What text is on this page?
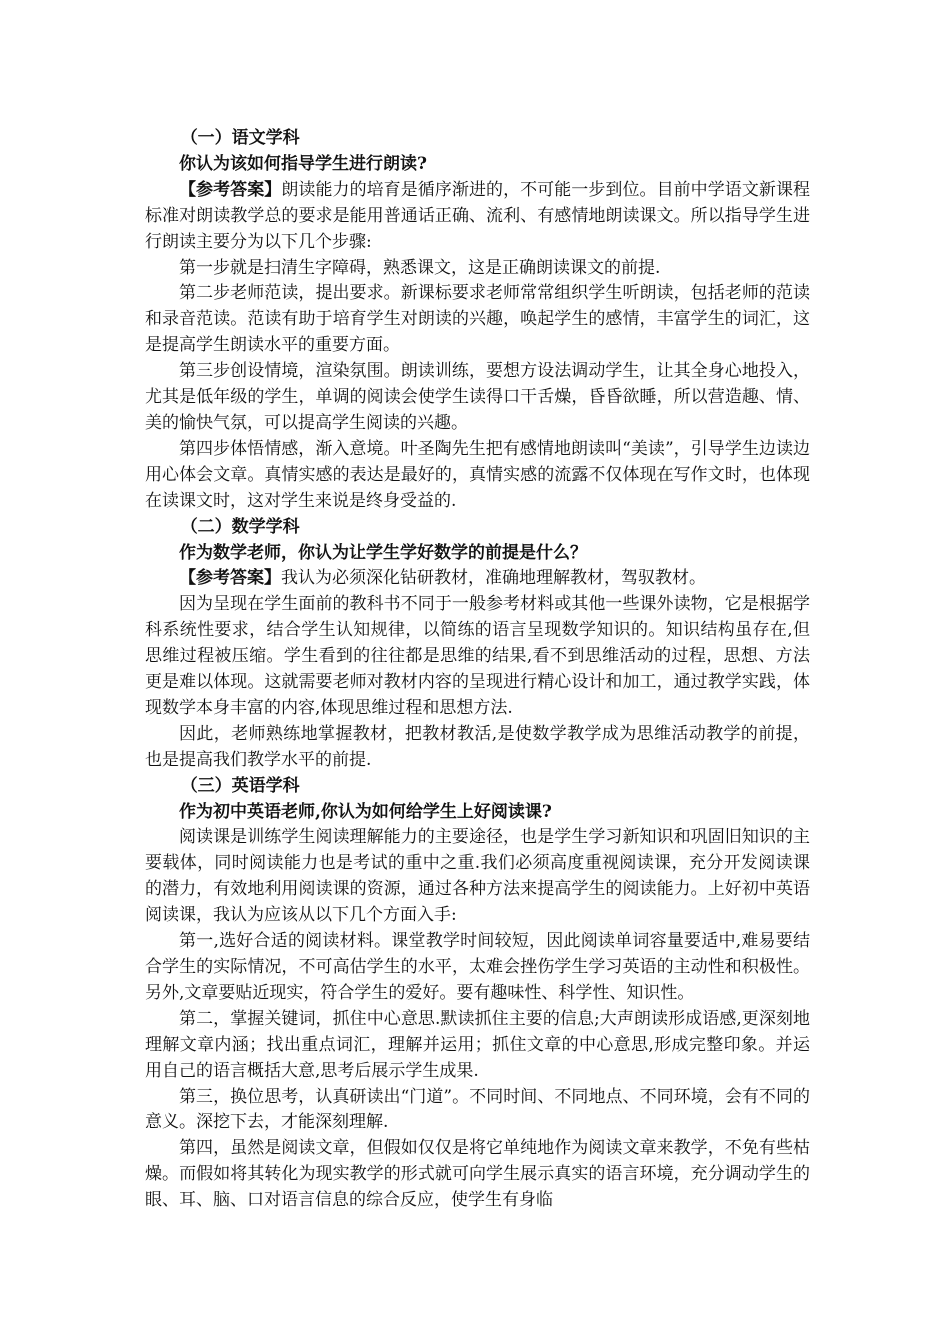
（一）语文学科

你认为该如何指导学生进行朗读?

【参考答案】朗读能力的培育是循序渐进的，不可能一步到位。目前中学语文新课程标准对朗读教学总的要求是能用普通话正确、流利、有感情地朗读课文。所以指导学生进行朗读主要分为以下几个步骤:

第一步就是扫清生字障碍，熟悉课文，这是正确朗读课文的前提.

第二步老师范读，提出要求。新课标要求老师常常组织学生听朗读，包括老师的范读和录音范读。范读有助于培育学生对朗读的兴趣，唤起学生的感情，丰富学生的词汇，这是提高学生朗读水平的重要方面。

第三步创设情境，渲染氛围。朗读训练，要想方设法调动学生，让其全身心地投入，尤其是低年级的学生，单调的阅读会使学生读得口干舌燥，昏昏欲睡，所以营造趣、情、美的愉快气氛，可以提高学生阅读的兴趣。

第四步体悟情感，渐入意境。叶圣陶先生把有感情地朗读叫“美读”，引导学生边读边用心体会文章。真情实感的表达是最好的，真情实感的流露不仅体现在写作文时，也体现在读课文时，这对学生来说是终身受益的.

（二）数学学科

作为数学老师，你认为让学生学好数学的前提是什么？

【参考答案】我认为必须深化钻研教材，准确地理解教材，驾驭教材。

因为呈现在学生面前的教科书不同于一般参考材料或其他一些课外读物，它是根据学科系统性要求，结合学生认知规律，以简练的语言呈现数学知识的。知识结构虽存在,但思维过程被压缩。学生看到的往往都是思维的结果,看不到思维活动的过程，思想、方法更是难以体现。这就需要老师对教材内容的呈现进行精心设计和加工，通过教学实践，体现数学本身丰富的内容,体现思维过程和思想方法.

因此，老师熟练地掌握教材，把教材教活,是使数学教学成为思维活动教学的前提，也是提高我们教学水平的前提.

（三）英语学科

作为初中英语老师,你认为如何给学生上好阅读课?

阅读课是训练学生阅读理解能力的主要途径，也是学生学习新知识和巩固旧知识的主要载体，同时阅读能力也是考试的重中之重.我们必须高度重视阅读课，充分开发阅读课的潜力，有效地利用阅读课的资源，通过各种方法来提高学生的阅读能力。上好初中英语阅读课，我认为应该从以下几个方面入手:

第一,选好合适的阅读材料。课堂教学时间较短，因此阅读单词容量要适中,难易要结合学生的实际情况，不可高估学生的水平，太难会挫伤学生学习英语的主动性和积极性。另外,文章要贴近现实，符合学生的爱好。要有趣味性、科学性、知识性。

第二，掌握关键词，抓住中心意思.默读抓住主要的信息;大声朗读形成语感,更深刻地理解文章内涵；找出重点词汇，理解并运用；抓住文章的中心意思,形成完整印象。并运用自己的语言概括大意,思考后展示学生成果.

第三，换位思考，认真研读出“门道”。不同时间、不同地点、不同环境，会有不同的意义。深挖下去，才能深刻理解.

第四，虽然是阅读文章，但假如仅仅是将它单纯地作为阅读文章来教学，不免有些枯燥。而假如将其转化为现实教学的形式就可向学生展示真实的语言环境，充分调动学生的眼、耳、脑、口对语言信息的综合反应，使学生有身临
